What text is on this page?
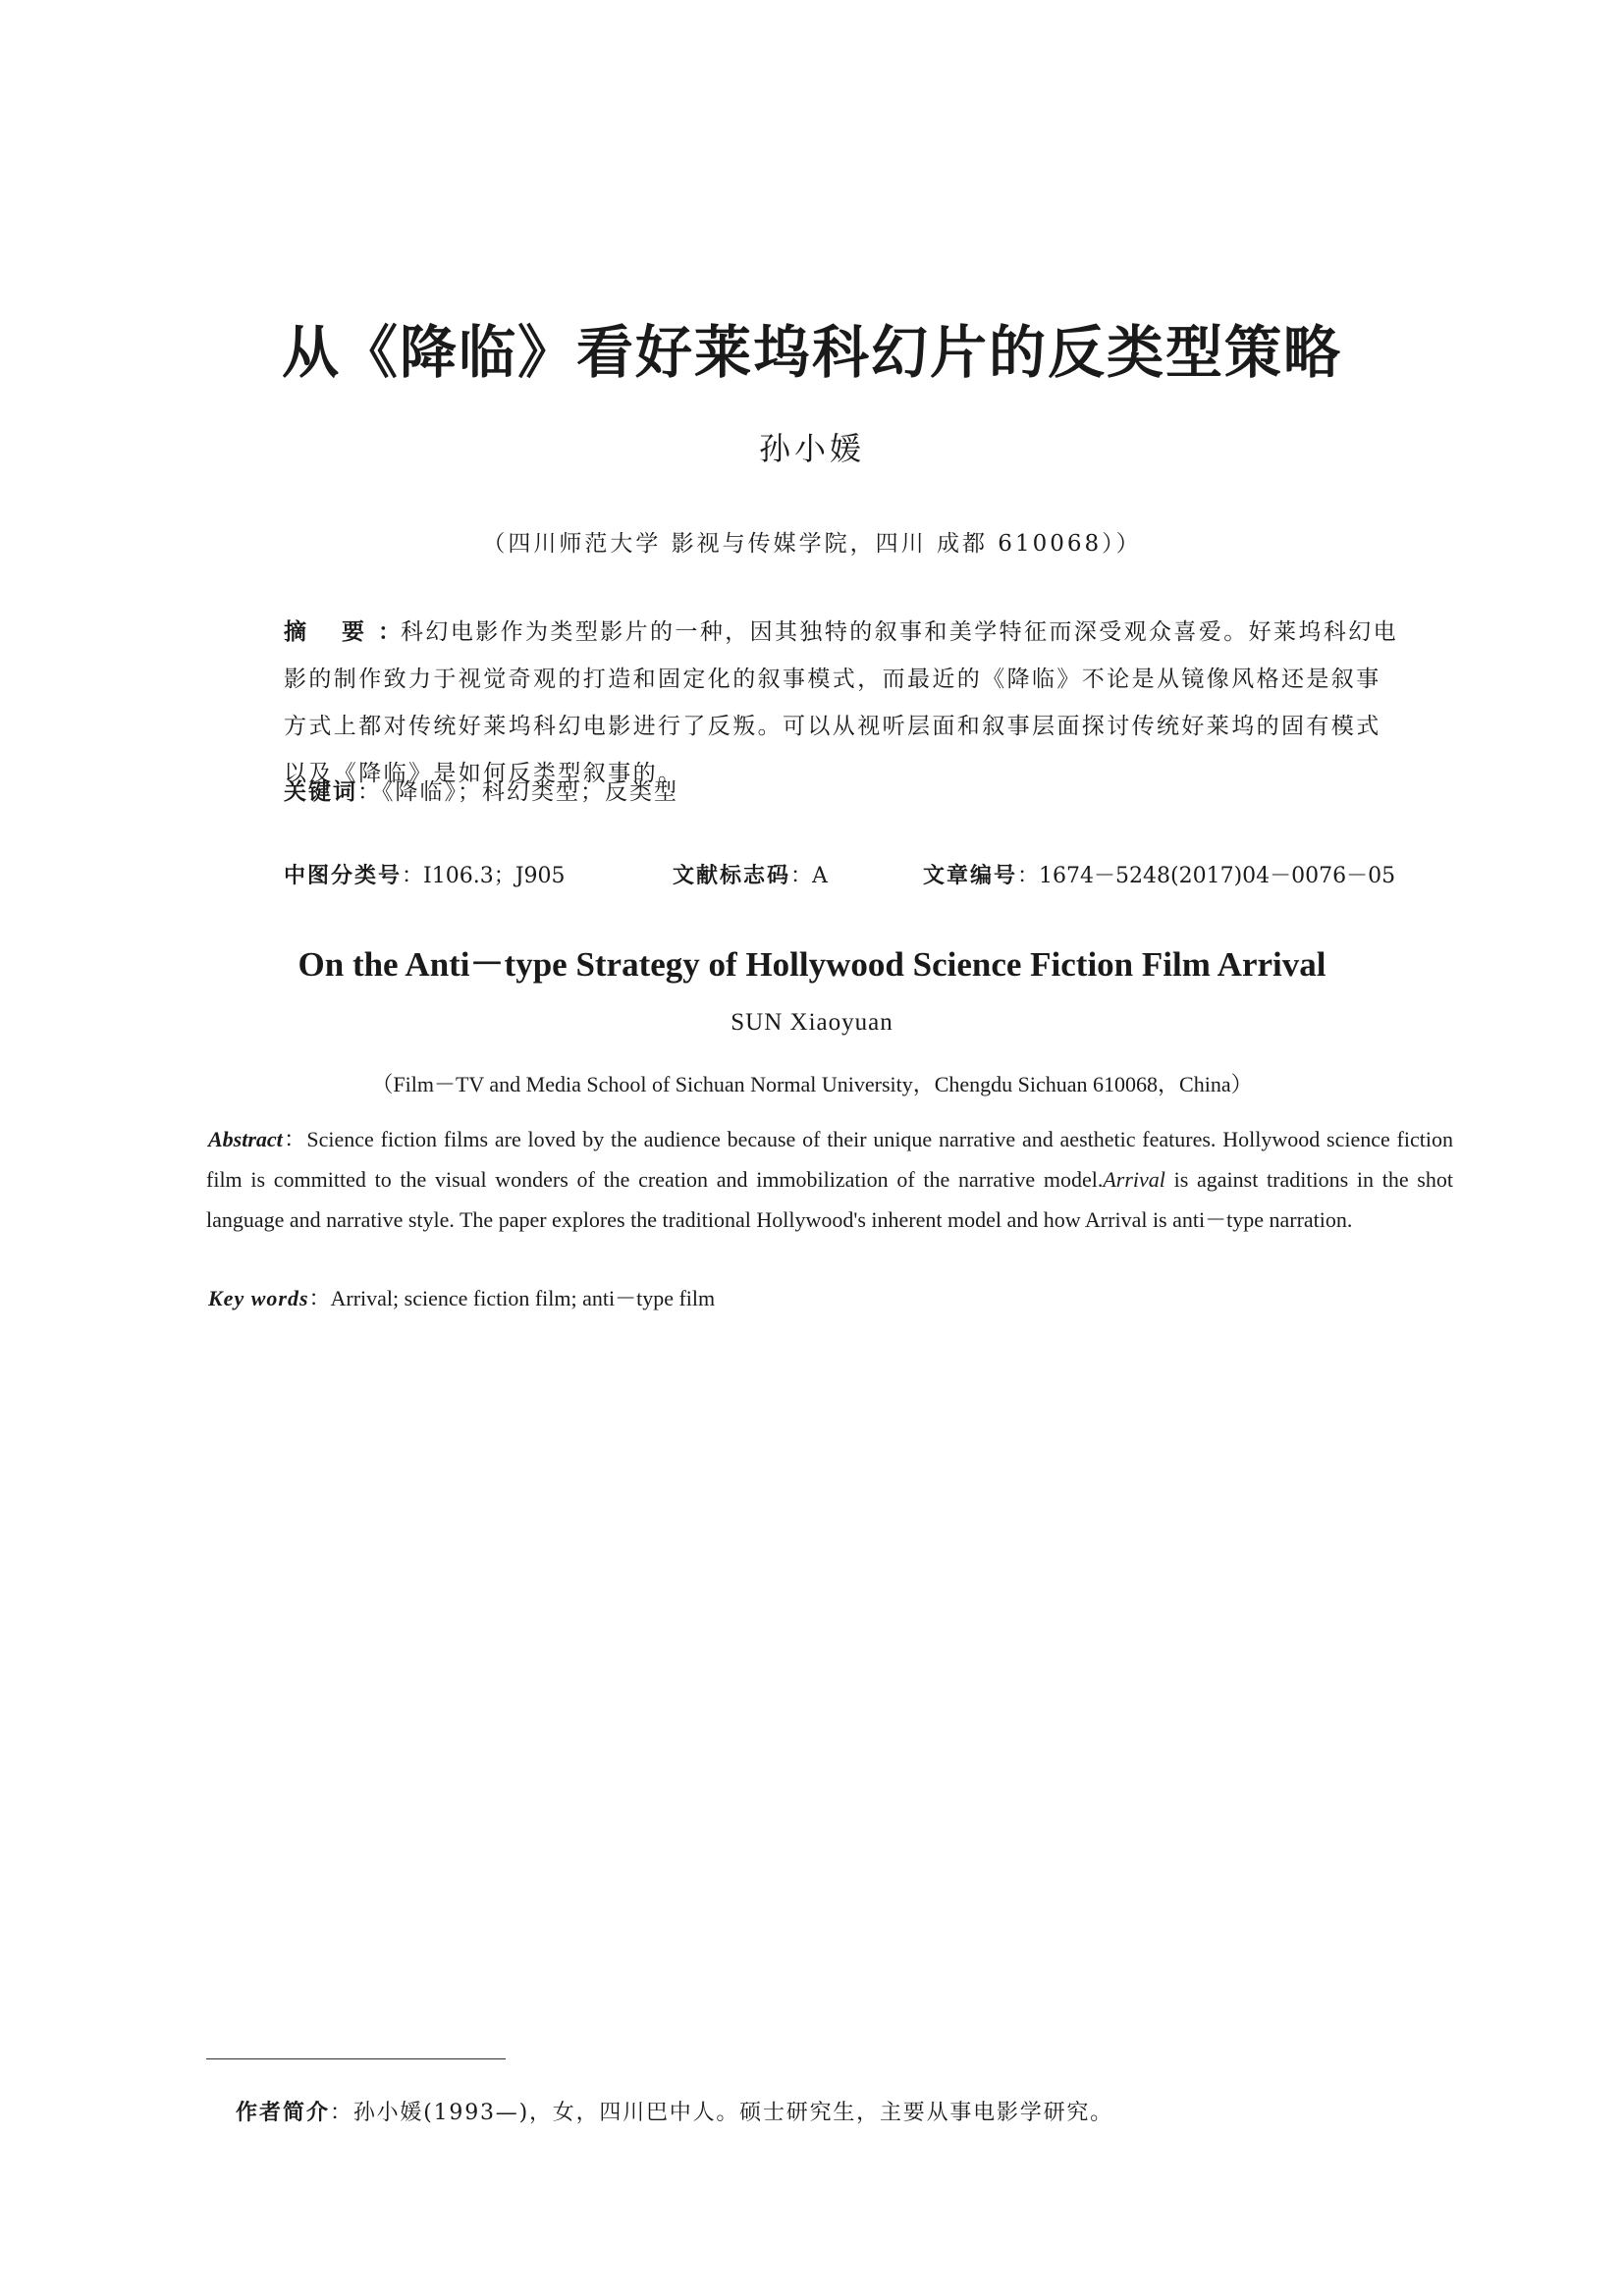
从《降临》看好莱坞科幻片的反类型策略
孙小媛
（四川师范大学 影视与传媒学院，四川 成都 610068））
摘 要：科幻电影作为类型影片的一种，因其独特的叙事和美学特征而深受观众喜爱。好莱坞科幻电影的制作致力于视觉奇观的打造和固定化的叙事模式，而最近的《降临》不论是从镜像风格还是叙事方式上都对传统好莱坞科幻电影进行了反叛。可以从视听层面和叙事层面探讨传统好莱坞的固有模式以及《降临》是如何反类型叙事的。
关键词：《降临》；科幻类型；反类型
中图分类号：I106.3；J905	文献标志码：A	文章编号：1674－5248(2017)04－0076－05
On the Anti－type Strategy of Hollywood Science Fiction Film Arrival
SUN Xiaoyuan
（Film－TV and Media School of Sichuan Normal University，Chengdu Sichuan 610068，China）
Abstract：Science fiction films are loved by the audience because of their unique narrative and aesthetic features. Hollywood science fiction film is committed to the visual wonders of the creation and immobilization of the narrative model.Arrival is against traditions in the shot language and narrative style. The paper explores the traditional Hollywood's inherent model and how Arrival is anti－type narration.
Key words：Arrival; science fiction film; anti－type film
作者简介：孙小媛(1993—)，女，四川巴中人。硕士研究生，主要从事电影学研究。
